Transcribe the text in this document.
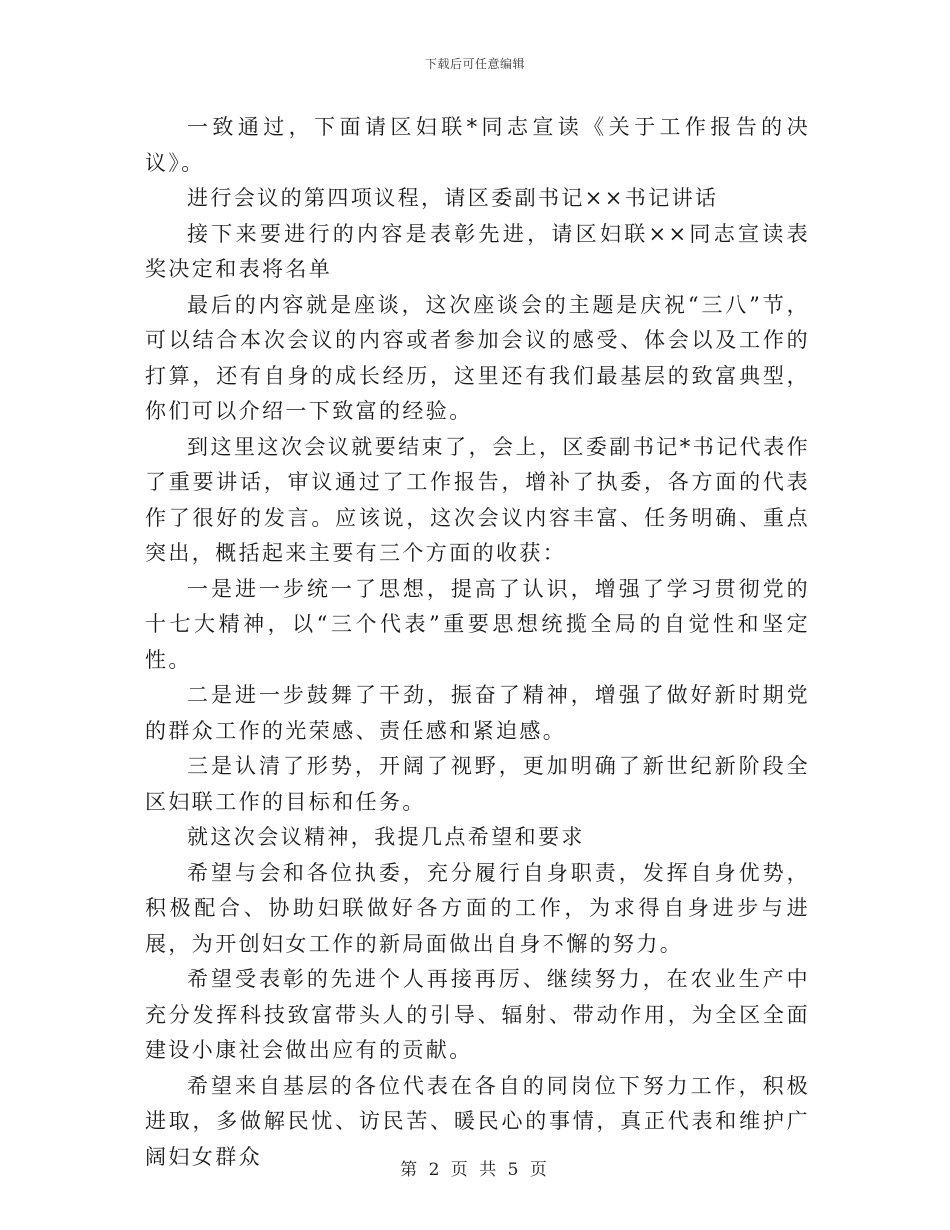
下载后可任意编辑

一致通过，下面请区妇联*同志宣读《关于工作报告的决议》。

进行会议的第四项议程，请区委副书记××书记讲话

接下来要进行的内容是表彰先进，请区妇联××同志宣读表奖决定和表将名单

最后的内容就是座谈，这次座谈会的主题是庆祝“三八”节，可以结合本次会议的内容或者参加会议的感受、体会以及工作的打算，还有自身的成长经历，这里还有我们最基层的致富典型，你们可以介绍一下致富的经验。

到这里这次会议就要结束了，会上，区委副书记*书记代表作了重要讲话，审议通过了工作报告，增补了执委，各方面的代表作了很好的发言。应该说，这次会议内容丰富、任务明确、重点突出，概括起来主要有三个方面的收获：

一是进一步统一了思想，提高了认识，增强了学习贯彻党的十七大精神，以“三个代表”重要思想统揽全局的自觉性和坚定性。

二是进一步鼓舞了干劲，振奋了精神，增强了做好新时期党的群众工作的光荣感、责任感和紧迫感。

三是认清了形势，开阔了视野，更加明确了新世纪新阶段全区妇联工作的目标和任务。

就这次会议精神，我提几点希望和要求

希望与会和各位执委，充分履行自身职责，发挥自身优势，积极配合、协助妇联做好各方面的工作，为求得自身进步与进展，为开创妇女工作的新局面做出自身不懈的努力。

希望受表彰的先进个人再接再厉、继续努力，在农业生产中充分发挥科技致富带头人的引导、辐射、带动作用，为全区全面建设小康社会做出应有的贡献。

希望来自基层的各位代表在各自的同岗位下努力工作，积极进取，多做解民忧、访民苦、暖民心的事情，真正代表和维护广阔妇女群众

第 2 页 共 5 页
